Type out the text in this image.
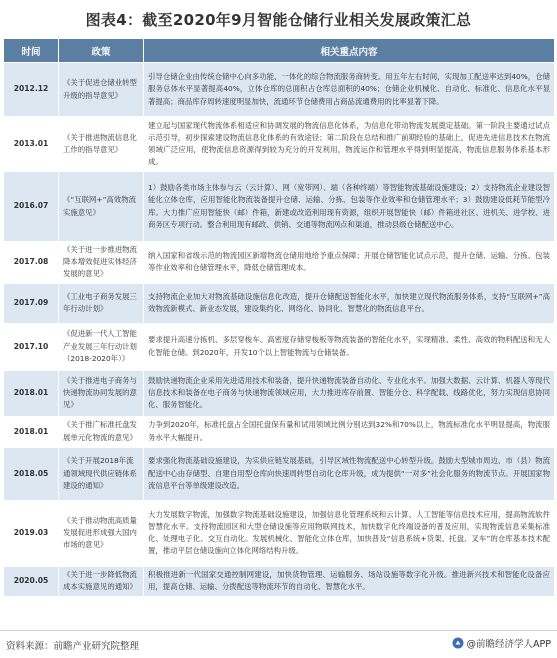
图表4：截至2020年9月智能仓储行业相关发展政策汇总
时间	政策	相关重点内容
2012.12	《关于促进仓储业转型升级的指导意见》	引导仓储企业由传统仓储中心向多功能、一体化的综合物流服务商转变。用五年左右时间，实现加工配送率达到40%，仓储服务总体水平显著提高40%，立体仓库的总面积占仓库总面积的40%；仓储企业机械化、自动化、标准化、信息化水平显著提高；商品库存周转速度明显加快，流通环节仓储费用占商品流通费用的比率显著下降。
2013.01	《关于推进物流信息化工作的指导意见》	建立起与国家现代物流体系相适应和协调发展的物流信息化体系，为信息化带动物流发展奠定基础。第一阶段主要通过试点示范引导，初步探索建设物流信息化体系的有效途径；第二阶段在总结和推广前期经验的基础上，促进先进信息技术在物流领域广泛应用，使物流信息资源得到较为充分的开发利用，物流运作和管理水平得到明显提高，物流信息服务体系基本形成。
2016.07	《“互联网+”高效物流实施意见》	1）鼓励各类市场主体参与云（云计算）、网（宽带网）、端（各种终端）等智能物流基础设施建设；2）支持物流企业建设智能化立体仓库，应用智能化物流装备提升仓储、运输、分拣、包装等作业效率和仓储管理水平；3）鼓励建设低耗节能型冷库。大力推广应用智能快（邮）件箱，新建或改造利用现有资源，组织开展智能快（邮）件箱进社区、进机关、进学校、进商务区专项行动。整合利用现有邮政、供销、交通等物流网点和渠道，推动县级仓储配送中心。
2017.08	《关于进一步推进物流降本增效促进实体经济发展的意见》	纳入国家和省级示范的物流园区新增物流仓储用地给予重点保障；开展仓储智能化试点示范，提升仓储、运输、分拣、包装等作业效率和仓储管理水平，降低仓储管理成本。
2017.09	《工业电子商务发展三年行动计划》	支持物流企业加大对物流基础设施信息化改造，提升仓储配送智能化水平，加快建立现代物流服务体系，支持“互联网+”高效物流新模式、新业态发展，建设集约化、网络化、协同化、智慧化的物流信息平台。
2017.10	《促进新一代人工智能产业发展三年行动计划（2018-2020年）》	要求提升高速分拣机、多层穿梭车、高密度存储穿梭板等物流装备的智能化水平，实现精准、柔性、高效的物料配送和无人化智能仓储。到2020年，开发10个以上智能物流与仓储装备。
2018.01	《关于推进电子商务与快递物流协同发展的意见》	鼓励快递物流企业采用先进适用技术和装备，提升快递物流装备自动化、专业化水平。加强大数据、云计算、机器人等现代信息技术和装备在电子商务与快递物流领域应用，大力推进库存前置、智能分仓、科学配载、线路优化，努力实现信息协同化、服务智能化。
2018.01	《关于推广标准托盘发展单元化物流的意见》	力争到2020年，标准托盘占全国托盘保有量和试用领域比例分别达到32%和70%以上，物流标准化水平明显提高，物流服务水平大幅提升。
2018.05	《关于开展2018年流通领域现代供应链体系建设的通知》	要求强化物流基础设施建设，为实供应链发展基础，引导区域性物流配送中心转型升级。鼓励大型城市周边、市（县）物流配送中心由存储型、自建自用型仓库向快速周转型自动化仓库升级，成为提供“一对多”社会化服务的物流节点。开展国家物流信息平台等单级建设改造。
2019.03	《关于推动物流高质量发展促进形成强大国内市场的意见》	大力发展数字物流，加强数字物流基础设施建设，加强信息化管理系统和云计算、人工智能等信息技术应用，提高物流软件智慧化水平。支持物流园区和大型仓储设施等应用物联网技术，加快数字化终端设备的普及应用，实现物流信息采集标准化、处理电子化、交互自动化。发展机械化、智能化立体仓库，加快普及“信息系统+货架、托盘、叉车”的仓库基本技术配置，推动平层仓储设施向立体化网络结构升级。
2020.05	《关于进一步降低物流成本实施意见的通知》	积极推进新一代国家交通控制网建设，加快货物管理、运输服务、场站设施等数字化升级。推进新兴技术和智能化设备应用，提高仓储、运输、分拨配送等物流环节的自动化、智慧化水平。
资料来源：前瞻产业研究院整理	@前瞻经济学人APP
